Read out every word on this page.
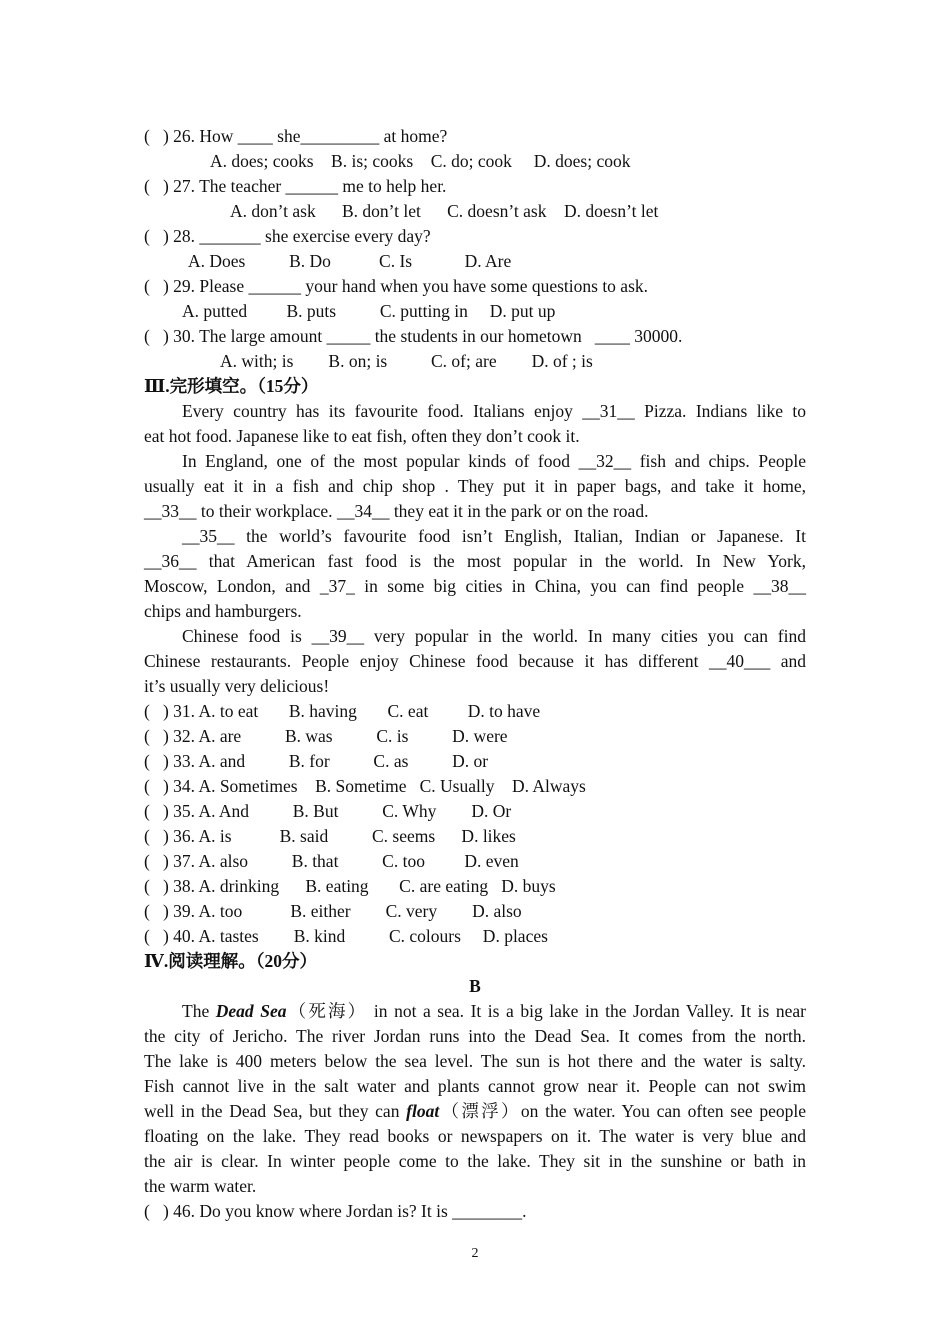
(   ) 26. How ____ she_________ at home?
A. does; cooks    B. is; cooks    C. do; cook     D. does; cook
(   ) 27. The teacher ______ me to help her.
A. don’t ask      B. don’t let      C. doesn’t ask    D. doesn’t let
(   ) 28. _______ she exercise every day?
A. Does          B. Do           C. Is            D. Are
(   ) 29. Please ______ your hand when you have some questions to ask.
A. putted         B. puts          C. putting in     D. put up
(   ) 30. The large amount _____ the students in our hometown   ____ 30000.
A. with; is        B. on; is          C. of; are        D. of ; is
Ⅲ.完形填空。（15分）
Every country has its favourite food. Italians enjoy __31__ Pizza. Indians like to
eat hot food. Japanese like to eat fish, often they don’t cook it.
In England, one of the most popular kinds of food __32__ fish and chips. People
usually eat it in a fish and chip shop . They put it in paper bags, and take it home,
__33__ to their workplace. __34__ they eat it in the park or on the road.
__35__ the world’s favourite food isn’t English, Italian, Indian or Japanese. It
__36__ that American fast food is the most popular in the world. In New York,
Moscow, London, and _37_ in some big cities in China, you can find people __38__
chips and hamburgers.
Chinese food is __39__ very popular in the world. In many cities you can find
Chinese restaurants. People enjoy Chinese food because it has different __40___ and
it’s usually very delicious!
(   ) 31. A. to eat       B. having       C. eat         D. to have
(   ) 32. A. are          B. was          C. is          D. were
(   ) 33. A. and          B. for          C. as          D. or
(   ) 34. A. Sometimes    B. Sometime   C. Usually    D. Always
(   ) 35. A. And          B. But          C. Why        D. Or
(   ) 36. A. is           B. said          C. seems      D. likes
(   ) 37. A. also          B. that          C. too         D. even
(   ) 38. A. drinking      B. eating       C. are eating   D. buys
(   ) 39. A. too           B. either        C. very        D. also
(   ) 40. A. tastes        B. kind          C. colours     D. places
Ⅳ.阅读理解。（20分）
B
The Dead Sea（死海） in not a sea. It is a big lake in the Jordan Valley. It is near
the city of Jericho. The river Jordan runs into the Dead Sea. It comes from the north.
The lake is 400 meters below the sea level. The sun is hot there and the water is salty.
Fish cannot live in the salt water and plants cannot grow near it. People can not swim
well in the Dead Sea, but they can float（漂浮）on the water. You can often see people
floating on the lake. They read books or newspapers on it. The water is very blue and
the air is clear. In winter people come to the lake. They sit in the sunshine or bath in
the warm water.
(   ) 46. Do you know where Jordan is? It is ________.
2
